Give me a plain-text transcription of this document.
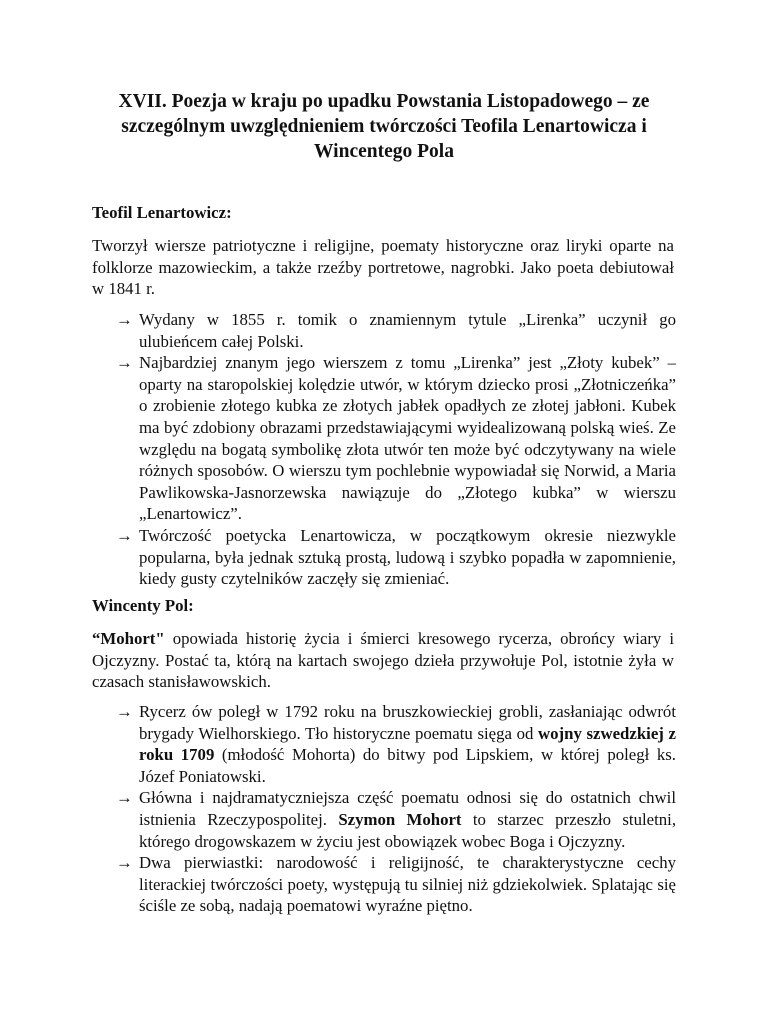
XVII. Poezja w kraju po upadku Powstania Listopadowego – ze szczególnym uwzględnieniem twórczości Teofila Lenartowicza i Wincentego Pola
Teofil Lenartowicz:
Tworzył wiersze patriotyczne i religijne, poematy historyczne oraz liryki oparte na folklorze mazowieckim, a także rzeźby portretowe, nagrobki. Jako poeta debiutował w 1841 r.
→ Wydany w 1855 r. tomik o znamiennym tytule „Lirenka” uczynił go ulubieńcem całej Polski.
→ Najbardziej znanym jego wierszem z tomu „Lirenka” jest „Złoty kubek” – oparty na staropolskiej kolędzie utwór, w którym dziecko prosi „Złotniczeńka” o zrobienie złotego kubka ze złotych jabłek opadłych ze złotej jabłoni. Kubek ma być zdobiony obrazami przedstawiającymi wyidealizowaną polską wieś. Ze względu na bogatą symbolikę złota utwór ten może być odczytywany na wiele różnych sposobów. O wierszu tym pochlebnie wypowiadał się Norwid, a Maria Pawlikowska-Jasnorzewska nawiązuje do „Złotego kubka” w wierszu „Lenartowicz”.
→ Twórczość poetycka Lenartowicza, w początkowym okresie niezwykle popularna, była jednak sztuką prostą, ludową i szybko popadła w zapomnienie, kiedy gusty czytelników zaczęły się zmieniać.
Wincenty Pol:
“Mohort" opowiada historię życia i śmierci kresowego rycerza, obrońcy wiary i Ojczyzny. Postać ta, którą na kartach swojego dzieła przywołuje Pol, istotnie żyła w czasach stanisławowskich.
→ Rycerz ów poległ w 1792 roku na bruszkowieckiej grobli, zasłaniając odwrót brygady Wielhorskiego. Tło historyczne poematu sięga od wojny szwedzkiej z roku 1709 (młodość Mohorta) do bitwy pod Lipskiem, w której poległ ks. Józef Poniatowski.
→ Główna i najdramatyczniejsza część poematu odnosi się do ostatnich chwil istnienia Rzeczypospolitej. Szymon Mohort to starzec przeszło stuletni, którego drogowskazem w życiu jest obowiązek wobec Boga i Ojczyzny.
→ Dwa pierwiastki: narodowość i religijność, te charakterystyczne cechy literackiej twórczości poety, występują tu silniej niż gdziekolwiek. Splatając się ściśle ze sobą, nadają poematowi wyraźne piętno.
